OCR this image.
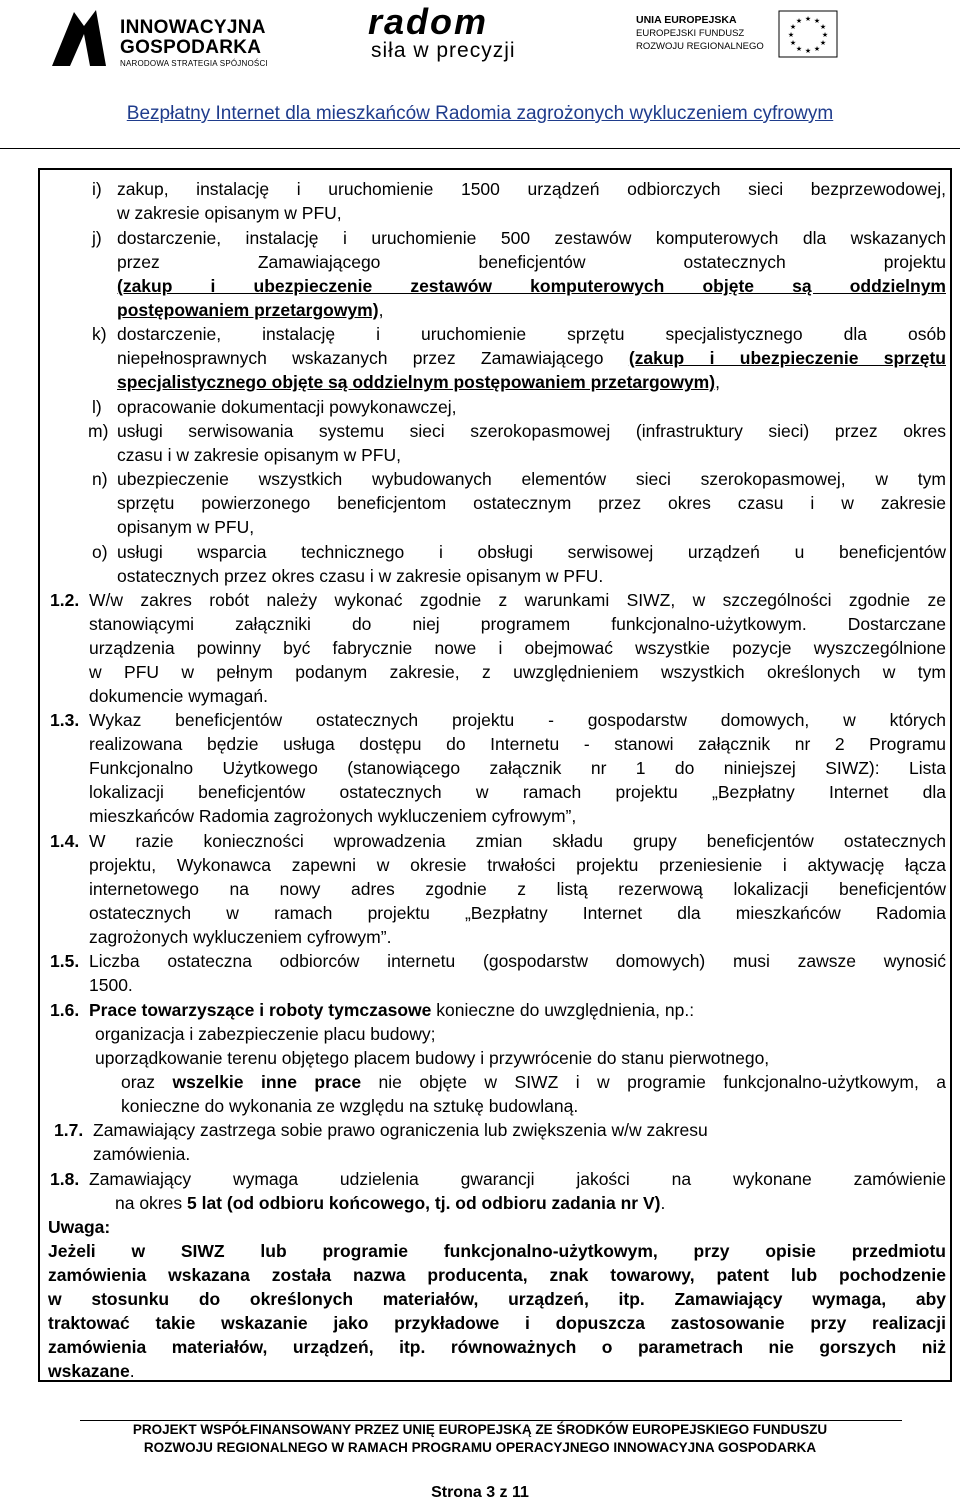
INNOWACYJNA
GOSPODARKA
NARODOWA STRATEGIA SPÓJNOŚCI
radom
siła w precyzji
UNIA EUROPEJSKA
EUROPEJSKI FUNDUSZ
ROZWOJU REGIONALNEGO
★ ★
★
★
★
★
★
★
★
★
★
★
Bezpłatny Internet dla mieszkańców Radomia zagrożonych wykluczeniem cyfrowym
i) zakup, instalację i uruchomienie 1500 urządzeń odbiorczych sieci bezprzewodowej,
w zakresie opisanym w PFU,
j) dostarczenie, instalację i uruchomienie 500 zestawów komputerowych dla wskazanych
przez Zamawiającego beneficjentów ostatecznych projektu
(zakup i ubezpieczenie zestawów komputerowych objęte są oddzielnym
postępowaniem przetargowym),
k) dostarczenie, instalację i uruchomienie sprzętu specjalistycznego dla osób
niepełnosprawnych wskazanych przez Zamawiającego (zakup i ubezpieczenie sprzętu
specjalistycznego objęte są oddzielnym postępowaniem przetargowym),
l) opracowanie dokumentacji powykonawczej,
m) usługi serwisowania systemu sieci szerokopasmowej (infrastruktury sieci) przez okres
czasu i w zakresie opisanym w PFU,
n) ubezpieczenie wszystkich wybudowanych elementów sieci szerokopasmowej, w tym
sprzętu powierzonego beneficjentom ostatecznym przez okres czasu i w zakresie
opisanym w PFU,
o) usługi wsparcia technicznego i obsługi serwisowej urządzeń u beneficjentów
ostatecznych przez okres czasu i w zakresie opisanym w PFU.
1.2. W/w zakres robót należy wykonać zgodnie z warunkami SIWZ, w szczególności zgodnie ze
stanowiącymi załączniki do niej programem funkcjonalno-użytkowym. Dostarczane
urządzenia powinny być fabrycznie nowe i obejmować wszystkie pozycje wyszczególnione
w PFU w pełnym podanym zakresie, z uwzględnieniem wszystkich określonych w tym
dokumencie wymagań.
1.3. Wykaz beneficjentów ostatecznych projektu - gospodarstw domowych, w których
realizowana będzie usługa dostępu do Internetu - stanowi załącznik nr 2 Programu
Funkcjonalno Użytkowego (stanowiącego załącznik nr 1 do niniejszej SIWZ): Lista
lokalizacji beneficjentów ostatecznych w ramach projektu „Bezpłatny Internet dla
mieszkańców Radomia zagrożonych wykluczeniem cyfrowym”,
1.4. W razie konieczności wprowadzenia zmian składu grupy beneficjentów ostatecznych
projektu, Wykonawca zapewni w okresie trwałości projektu przeniesienie i aktywację łącza
internetowego na nowy adres zgodnie z listą rezerwową lokalizacji beneficjentów
ostatecznych w ramach projektu „Bezpłatny Internet dla mieszkańców Radomia
zagrożonych wykluczeniem cyfrowym”.
1.5. Liczba ostateczna odbiorców internetu (gospodarstw domowych) musi zawsze wynosić
1500.
1.6. Prace towarzyszące i roboty tymczasowe konieczne do uwzględnienia, np.:
organizacja i zabezpieczenie placu budowy;
uporządkowanie terenu objętego placem budowy i przywrócenie do stanu pierwotnego,
oraz wszelkie inne prace nie objęte w SIWZ i w programie funkcjonalno-użytkowym, a
konieczne do wykonania ze względu na sztukę budowlaną.
1.7. Zamawiający zastrzega sobie prawo ograniczenia lub zwiększenia w/w zakresu
zamówienia.
1.8. Zamawiający wymaga udzielenia gwarancji jakości na wykonane zamówienie
na okres 5 lat (od odbioru końcowego, tj. od odbioru zadania nr V).
Uwaga:
Jeżeli w SIWZ lub programie funkcjonalno-użytkowym, przy opisie przedmiotu
zamówienia wskazana została nazwa producenta, znak towarowy, patent lub pochodzenie
w stosunku do określonych materiałów, urządzeń, itp. Zamawiający wymaga, aby
traktować takie wskazanie jako przykładowe i dopuszcza zastosowanie przy realizacji
zamówienia materiałów, urządzeń, itp. równoważnych o parametrach nie gorszych niż
wskazane.
PROJEKT WSPÓŁFINANSOWANY PRZEZ UNIĘ EUROPEJSKĄ ZE ŚRODKÓW EUROPEJSKIEGO FUNDUSZU
ROZWOJU REGIONALNEGO W RAMACH PROGRAMU OPERACYJNEGO INNOWACYJNA GOSPODARKA
Strona 3 z 11
